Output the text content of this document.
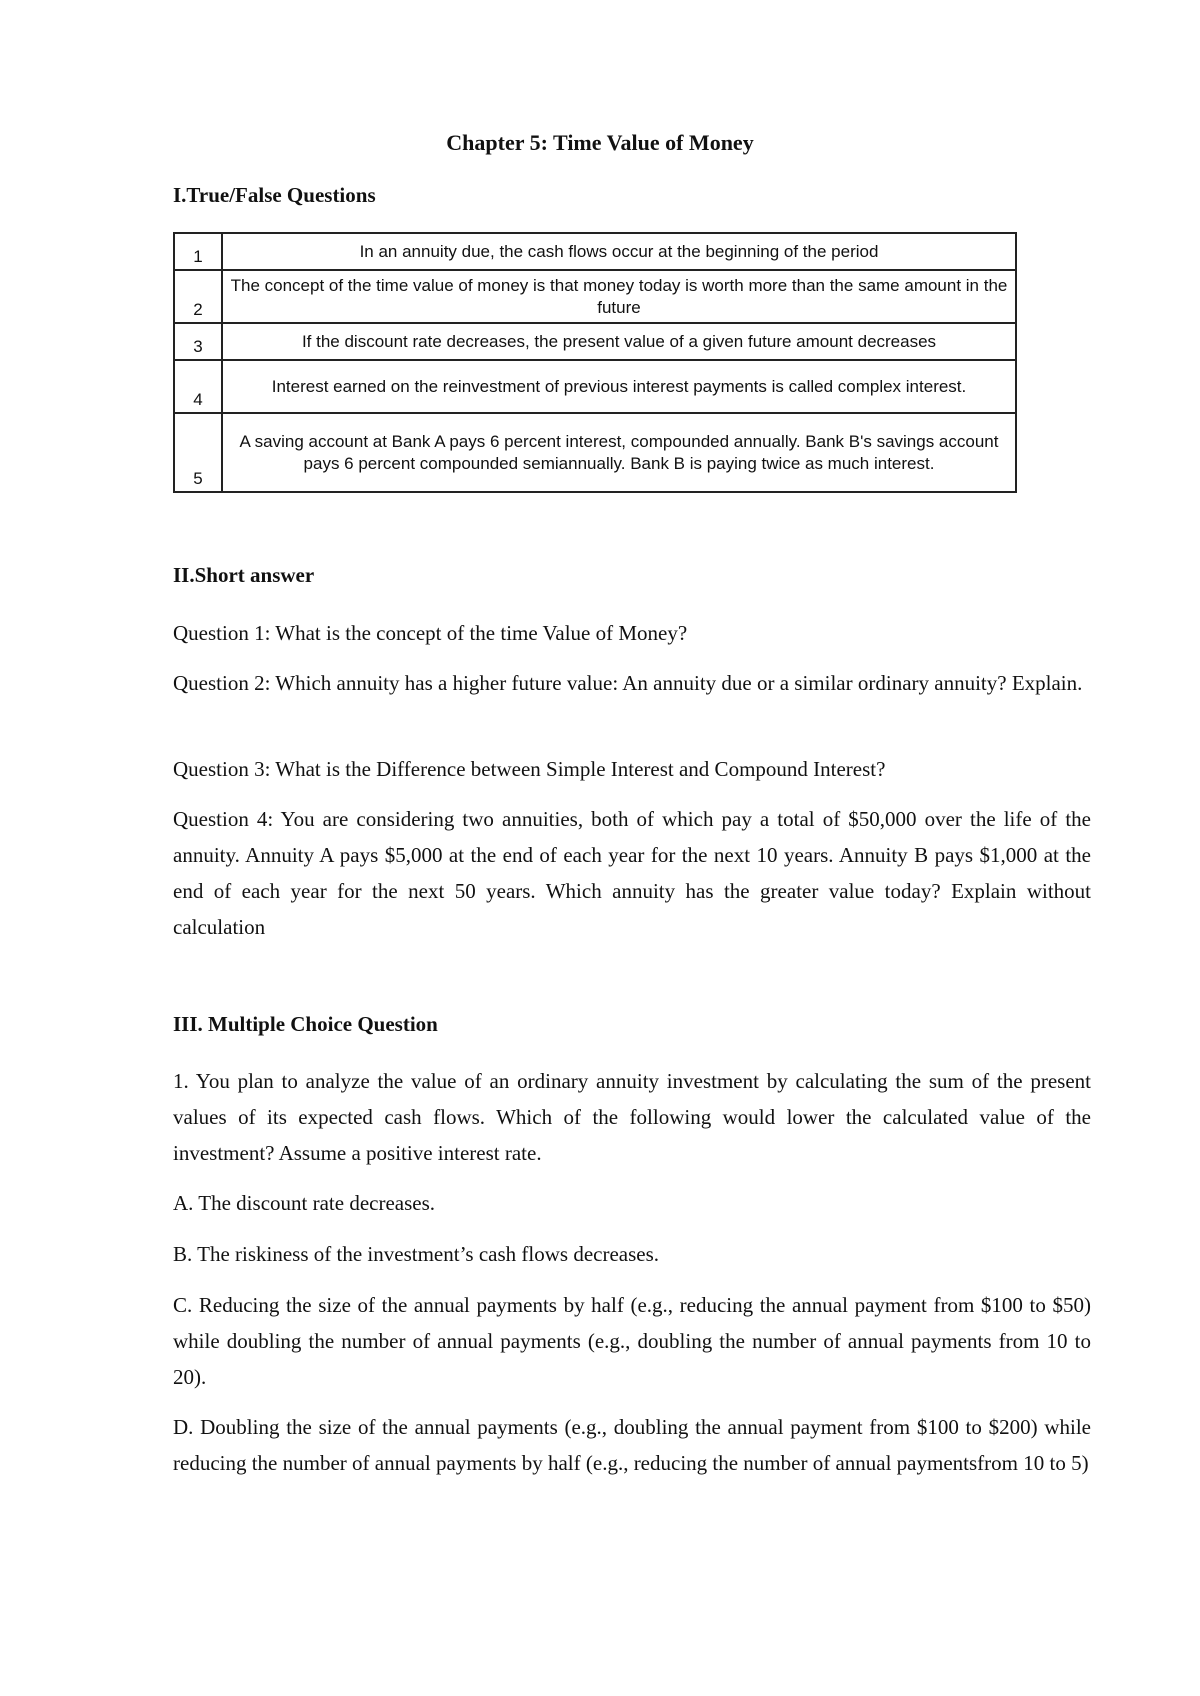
Chapter 5: Time Value of Money
I.True/False Questions
1	In an annuity due, the cash flows occur at the beginning of the period
2	The concept of the time value of money is that money today is worth more than the same amount in the future
3	If the discount rate decreases, the present value of a given future amount decreases
4	Interest earned on the reinvestment of previous interest payments is called complex interest.
5	A saving account at Bank A pays 6 percent interest, compounded annually. Bank B's savings account pays 6 percent compounded semiannually. Bank B is paying twice as much interest.
II.Short answer
Question 1: What is the concept of the time Value of Money?
Question 2: Which annuity has a higher future value: An annuity due or a similar ordinary annuity? Explain.
Question 3: What is the Difference between Simple Interest and Compound Interest?
Question 4: You are considering two annuities, both of which pay a total of $50,000 over the life of the annuity. Annuity A pays $5,000 at the end of each year for the next 10 years. Annuity B pays $1,000 at the end of each year for the next 50 years. Which annuity has the greater value today? Explain without calculation
III. Multiple Choice Question
1. You plan to analyze the value of an ordinary annuity investment by calculating the sum of the present values of its expected cash flows. Which of the following would lower the calculated value of the investment? Assume a positive interest rate.
A. The discount rate decreases.
B. The riskiness of the investment’s cash flows decreases.
C. Reducing the size of the annual payments by half (e.g., reducing the annual payment from $100 to $50) while doubling the number of annual payments (e.g., doubling the number of annual payments from 10 to 20).
D. Doubling the size of the annual payments (e.g., doubling the annual payment from $100 to $200) while reducing the number of annual payments by half (e.g., reducing the number of annual paymentsfrom 10 to 5)
